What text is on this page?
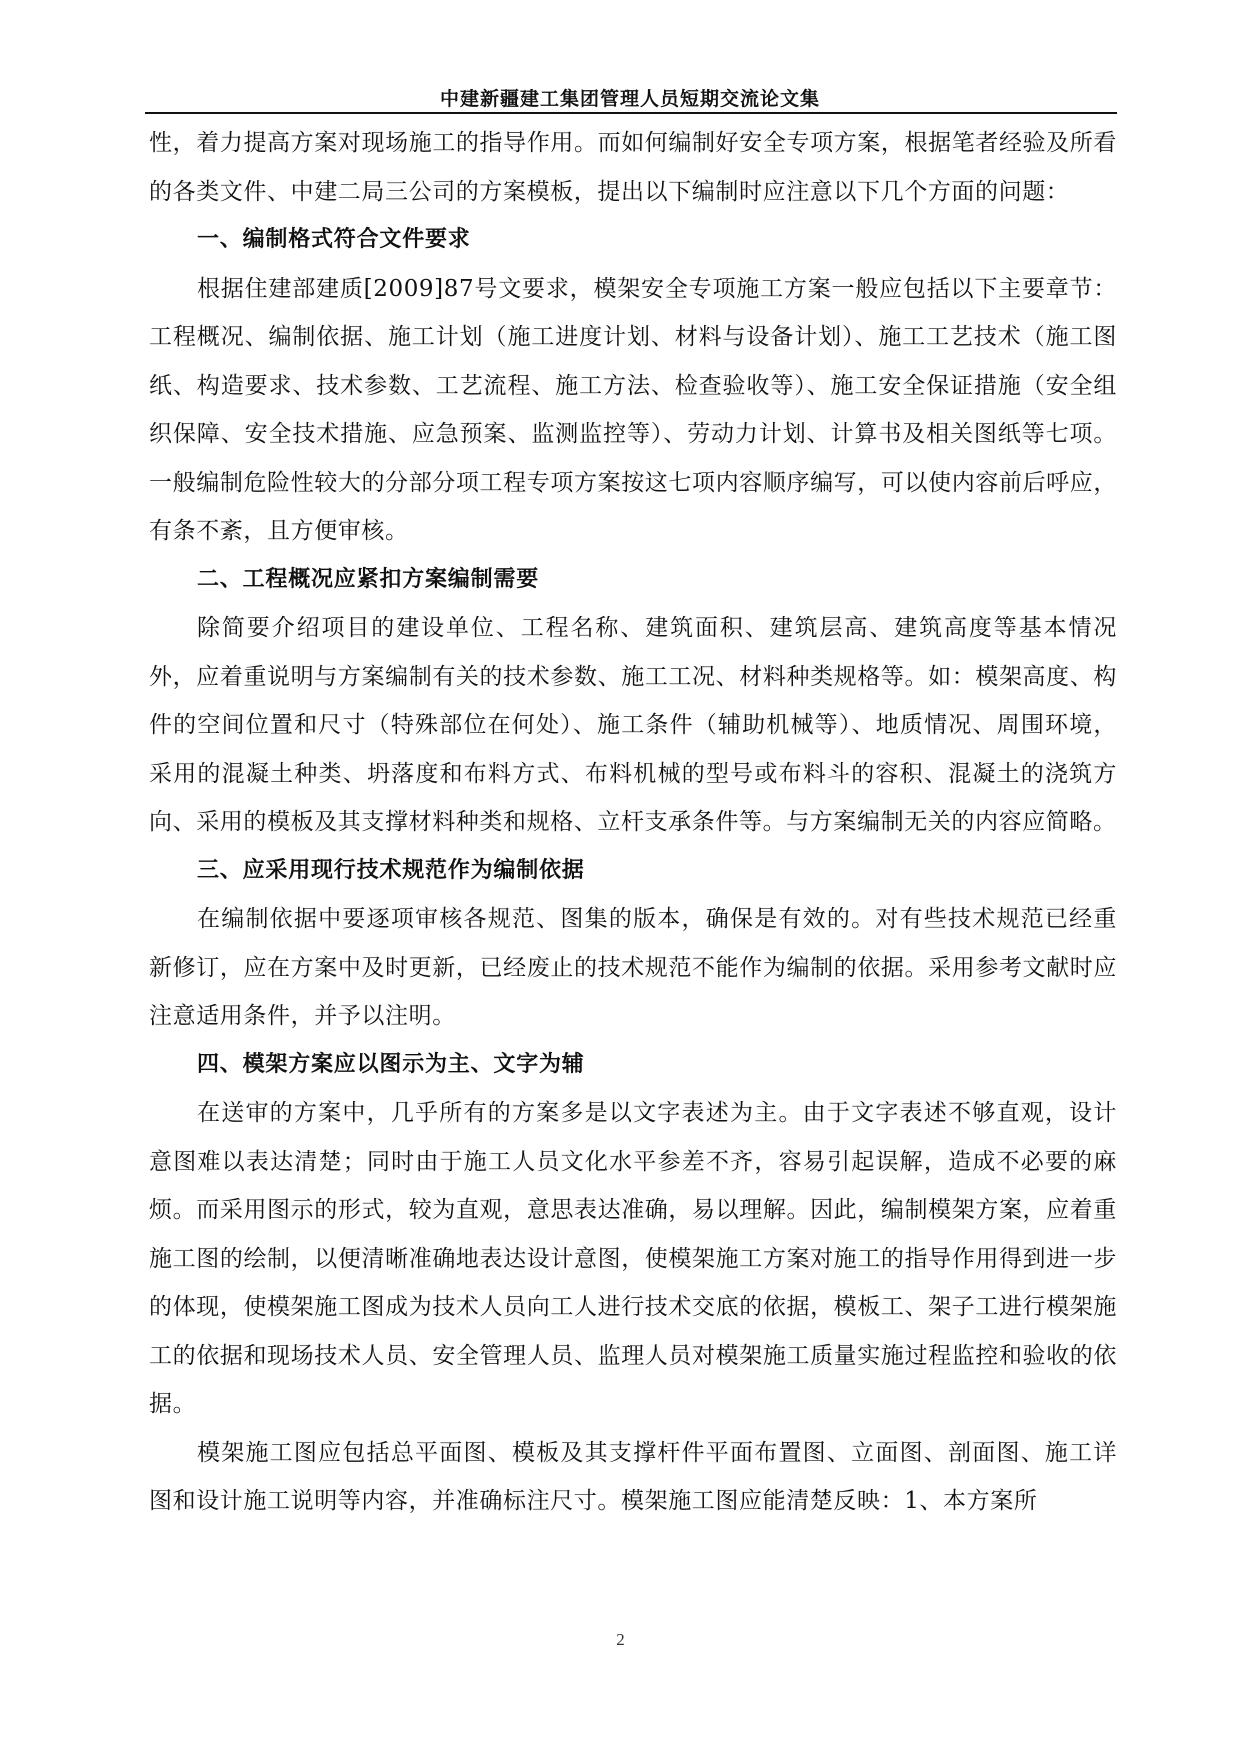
中建新疆建工集团管理人员短期交流论文集

性，着力提高方案对现场施工的指导作用。而如何编制好安全专项方案，根据笔者经验及所看的各类文件、中建二局三公司的方案模板，提出以下编制时应注意以下几个方面的问题：

一、编制格式符合文件要求

根据住建部建质[2009]87号文要求，模架安全专项施工方案一般应包括以下主要章节：工程概况、编制依据、施工计划（施工进度计划、材料与设备计划）、施工工艺技术（施工图纸、构造要求、技术参数、工艺流程、施工方法、检查验收等）、施工安全保证措施（安全组织保障、安全技术措施、应急预案、监测监控等）、劳动力计划、计算书及相关图纸等七项。一般编制危险性较大的分部分项工程专项方案按这七项内容顺序编写，可以使内容前后呼应，有条不紊，且方便审核。

二、工程概况应紧扣方案编制需要

除简要介绍项目的建设单位、工程名称、建筑面积、建筑层高、建筑高度等基本情况外，应着重说明与方案编制有关的技术参数、施工工况、材料种类规格等。如：模架高度、构件的空间位置和尺寸（特殊部位在何处）、施工条件（辅助机械等）、地质情况、周围环境，采用的混凝土种类、坍落度和布料方式、布料机械的型号或布料斗的容积、混凝土的浇筑方向、采用的模板及其支撑材料种类和规格、立杆支承条件等。与方案编制无关的内容应简略。

三、应采用现行技术规范作为编制依据

在编制依据中要逐项审核各规范、图集的版本，确保是有效的。对有些技术规范已经重新修订，应在方案中及时更新，已经废止的技术规范不能作为编制的依据。采用参考文献时应注意适用条件，并予以注明。

四、模架方案应以图示为主、文字为辅

在送审的方案中，几乎所有的方案多是以文字表述为主。由于文字表述不够直观，设计意图难以表达清楚；同时由于施工人员文化水平参差不齐，容易引起误解，造成不必要的麻烦。而采用图示的形式，较为直观，意思表达准确，易以理解。因此，编制模架方案，应着重施工图的绘制，以便清晰准确地表达设计意图，使模架施工方案对施工的指导作用得到进一步的体现，使模架施工图成为技术人员向工人进行技术交底的依据，模板工、架子工进行模架施工的依据和现场技术人员、安全管理人员、监理人员对模架施工质量实施过程监控和验收的依据。

模架施工图应包括总平面图、模板及其支撑杆件平面布置图、立面图、剖面图、施工详图和设计施工说明等内容，并准确标注尺寸。模架施工图应能清楚反映：1、本方案所

2
